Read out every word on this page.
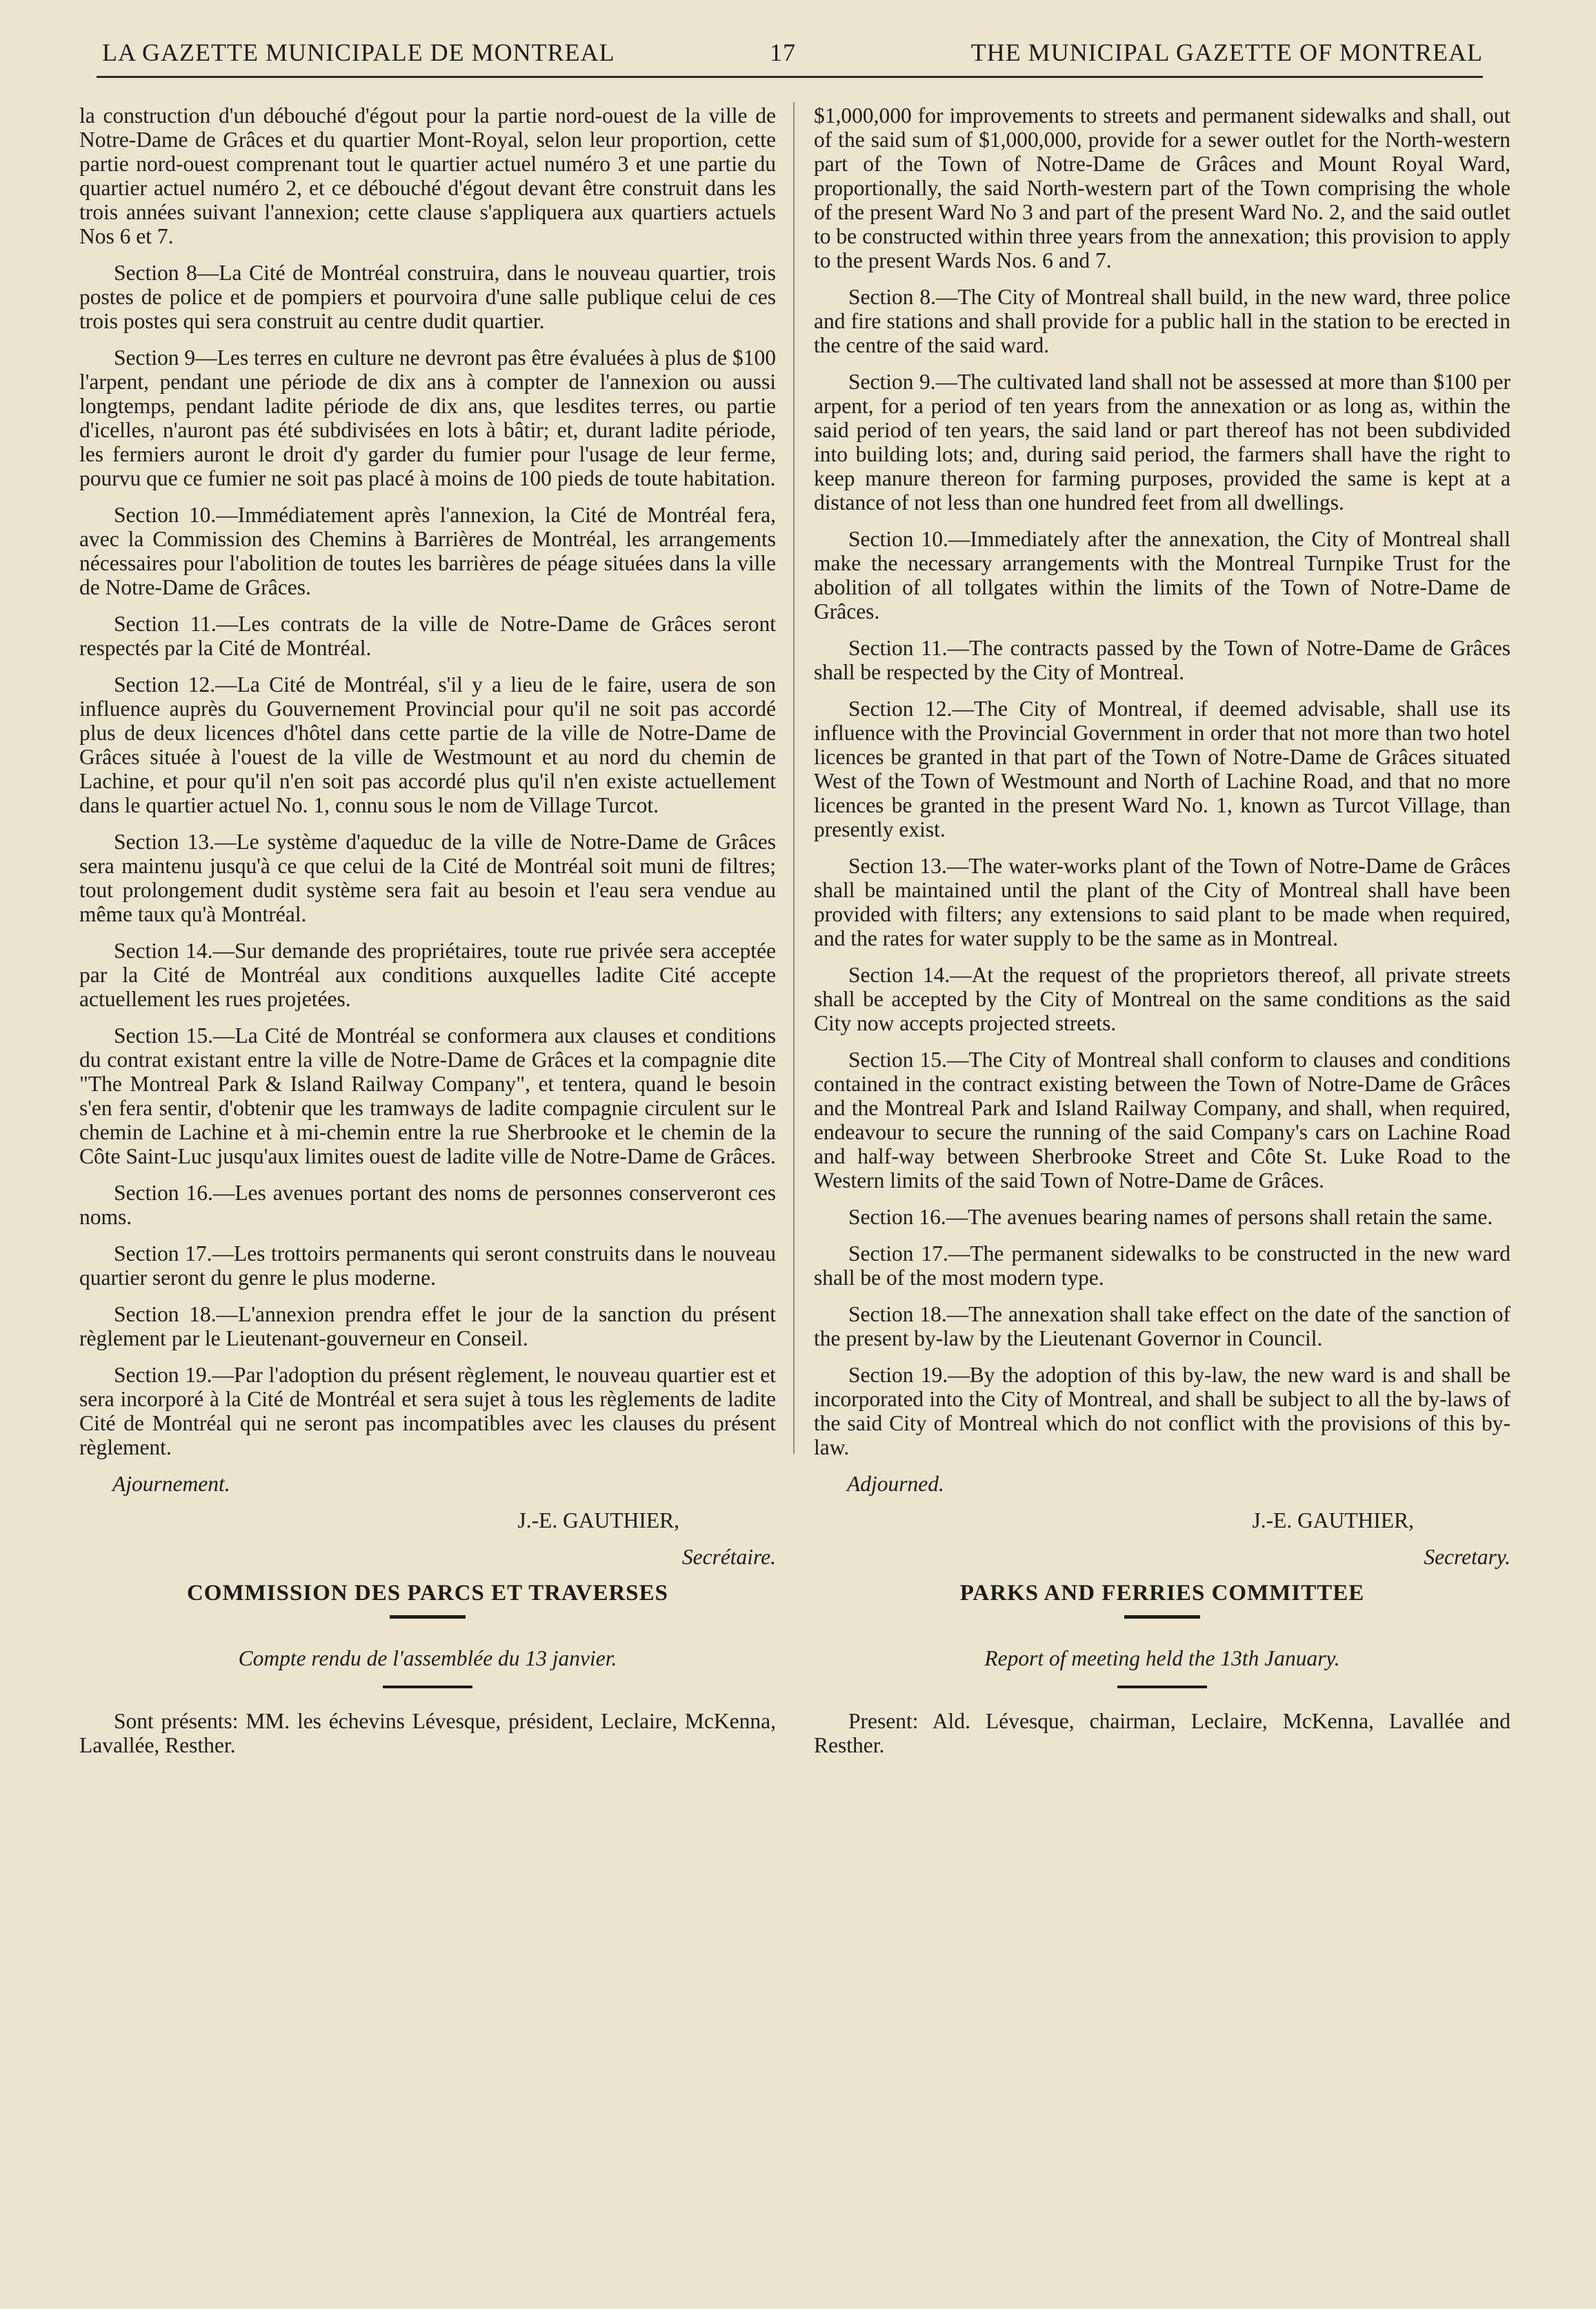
LA GAZETTE MUNICIPALE DE MONTREAL	17	THE MUNICIPAL GAZETTE OF MONTREAL

la construction d'un débouché d'égout pour la partie nord-ouest de la ville de Notre-Dame de Grâces et du quartier Mont-Royal, selon leur proportion, cette partie nord-ouest comprenant tout le quartier actuel numéro 3 et une partie du quartier actuel numéro 2, et ce débouché d'égout devant être construit dans les trois années suivant l'annexion; cette clause s'appliquera aux quartiers actuels Nos 6 et 7.

Section 8—La Cité de Montréal construira, dans le nouveau quartier, trois postes de police et de pompiers et pourvoira d'une salle publique celui de ces trois postes qui sera construit au centre dudit quartier.

Section 9—Les terres en culture ne devront pas être évaluées à plus de $100 l'arpent, pendant une période de dix ans à compter de l'annexion ou aussi longtemps, pendant ladite période de dix ans, que lesdites terres, ou partie d'icelles, n'auront pas été subdivisées en lots à bâtir; et, durant ladite période, les fermiers auront le droit d'y garder du fumier pour l'usage de leur ferme, pourvu que ce fumier ne soit pas placé à moins de 100 pieds de toute habitation.

Section 10.—Immédiatement après l'annexion, la Cité de Montréal fera, avec la Commission des Chemins à Barrières de Montréal, les arrangements nécessaires pour l'abolition de toutes les barrières de péage situées dans la ville de Notre-Dame de Grâces.

Section 11.—Les contrats de la ville de Notre-Dame de Grâces seront respectés par la Cité de Montréal.

Section 12.—La Cité de Montréal, s'il y a lieu de le faire, usera de son influence auprès du Gouvernement Provincial pour qu'il ne soit pas accordé plus de deux licences d'hôtel dans cette partie de la ville de Notre-Dame de Grâces située à l'ouest de la ville de Westmount et au nord du chemin de Lachine, et pour qu'il n'en soit pas accordé plus qu'il n'en existe actuellement dans le quartier actuel No. 1, connu sous le nom de Village Turcot.

Section 13.—Le système d'aqueduc de la ville de Notre-Dame de Grâces sera maintenu jusqu'à ce que celui de la Cité de Montréal soit muni de filtres; tout prolongement dudit système sera fait au besoin et l'eau sera vendue au même taux qu'à Montréal.

Section 14.—Sur demande des propriétaires, toute rue privée sera acceptée par la Cité de Montréal aux conditions auxquelles ladite Cité accepte actuellement les rues projetées.

Section 15.—La Cité de Montréal se conformera aux clauses et conditions du contrat existant entre la ville de Notre-Dame de Grâces et la compagnie dite "The Montreal Park & Island Railway Company", et tentera, quand le besoin s'en fera sentir, d'obtenir que les tramways de ladite compagnie circulent sur le chemin de Lachine et à mi-chemin entre la rue Sherbrooke et le chemin de la Côte Saint-Luc jusqu'aux limites ouest de ladite ville de Notre-Dame de Grâces.

Section 16.—Les avenues portant des noms de personnes conserveront ces noms.

Section 17.—Les trottoirs permanents qui seront construits dans le nouveau quartier seront du genre le plus moderne.

Section 18.—L'annexion prendra effet le jour de la sanction du présent règlement par le Lieutenant-gouverneur en Conseil.

Section 19.—Par l'adoption du présent règlement, le nouveau quartier est et sera incorporé à la Cité de Montréal et sera sujet à tous les règlements de ladite Cité de Montréal qui ne seront pas incompatibles avec les clauses du présent règlement.

Ajournement.

J.-E. GAUTHIER,

Secrétaire.

COMMISSION DES PARCS ET TRAVERSES
Compte rendu de l'assemblée du 13 janvier.

Sont présents: MM. les échevins Lévesque, président, Leclaire, McKenna, Lavallée, Resther.

$1,000,000 for improvements to streets and permanent sidewalks and shall, out of the said sum of $1,000,000, provide for a sewer outlet for the North-western part of the Town of Notre-Dame de Grâces and Mount Royal Ward, proportionally, the said North-western part of the Town comprising the whole of the present Ward No 3 and part of the present Ward No. 2, and the said outlet to be constructed within three years from the annexation; this provision to apply to the present Wards Nos. 6 and 7.

Section 8.—The City of Montreal shall build, in the new ward, three police and fire stations and shall provide for a public hall in the station to be erected in the centre of the said ward.

Section 9.—The cultivated land shall not be assessed at more than $100 per arpent, for a period of ten years from the annexation or as long as, within the said period of ten years, the said land or part thereof has not been subdivided into building lots; and, during said period, the farmers shall have the right to keep manure thereon for farming purposes, provided the same is kept at a distance of not less than one hundred feet from all dwellings.

Section 10.—Immediately after the annexation, the City of Montreal shall make the necessary arrangements with the Montreal Turnpike Trust for the abolition of all tollgates within the limits of the Town of Notre-Dame de Grâces.

Section 11.—The contracts passed by the Town of Notre-Dame de Grâces shall be respected by the City of Montreal.

Section 12.—The City of Montreal, if deemed advisable, shall use its influence with the Provincial Government in order that not more than two hotel licences be granted in that part of the Town of Notre-Dame de Grâces situated West of the Town of Westmount and North of Lachine Road, and that no more licences be granted in the present Ward No. 1, known as Turcot Village, than presently exist.

Section 13.—The water-works plant of the Town of Notre-Dame de Grâces shall be maintained until the plant of the City of Montreal shall have been provided with filters; any extensions to said plant to be made when required, and the rates for water supply to be the same as in Montreal.

Section 14.—At the request of the proprietors thereof, all private streets shall be accepted by the City of Montreal on the same conditions as the said City now accepts projected streets.

Section 15.—The City of Montreal shall conform to clauses and conditions contained in the contract existing between the Town of Notre-Dame de Grâces and the Montreal Park and Island Railway Company, and shall, when required, endeavour to secure the running of the said Company's cars on Lachine Road and half-way between Sherbrooke Street and Côte St. Luke Road to the Western limits of the said Town of Notre-Dame de Grâces.

Section 16.—The avenues bearing names of persons shall retain the same.

Section 17.—The permanent sidewalks to be constructed in the new ward shall be of the most modern type.

Section 18.—The annexation shall take effect on the date of the sanction of the present by-law by the Lieutenant Governor in Council.

Section 19.—By the adoption of this by-law, the new ward is and shall be incorporated into the City of Montreal, and shall be subject to all the by-laws of the said City of Montreal which do not conflict with the provisions of this by-law.

Adjourned.

J.-E. GAUTHIER,

Secretary.

PARKS AND FERRIES COMMITTEE
Report of meeting held the 13th January.

Present: Ald. Lévesque, chairman, Leclaire, McKenna, Lavallée and Resther.
